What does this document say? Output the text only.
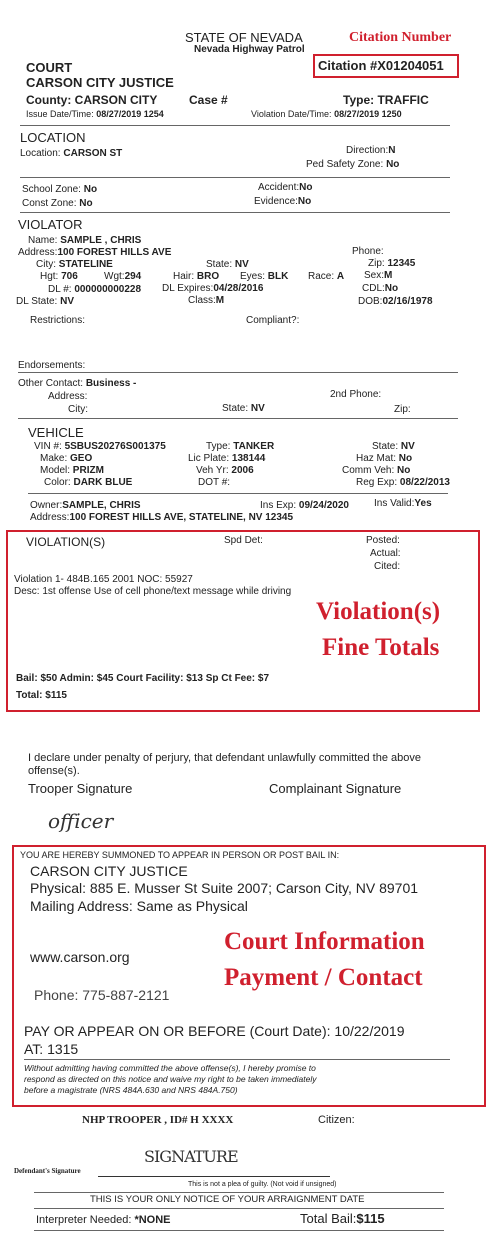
STATE OF NEVADA
Nevada Highway Patrol
Citation Number
Citation #X01204051
COURT
CARSON CITY JUSTICE
County: CARSON CITY	Case #	Type: TRAFFIC
Issue Date/Time: 08/27/2019 1254	Violation Date/Time: 08/27/2019 1250
LOCATION
Location: CARSON ST	Direction:N
Ped Safety Zone: No
School Zone: No
Const Zone: No
Accident:No
Evidence:No
VIOLATOR
Name: SAMPLE , CHRIS
Address:100 FOREST HILLS AVE	Phone:
City: STATELINE	State: NV	Zip: 12345
Hgt: 706	Wgt:294	Hair: BRO Eyes: BLK Race: A Sex:M
DL #: 000000000228 DL Expires:04/28/2016	CDL:No
DL State: NV	Class:M	DOB:02/16/1978
Restrictions:	Compliant?:
Endorsements:
Other Contact: Business -
Address:	2nd Phone:
City:	State: NV	Zip:
VEHICLE
VIN #: 5SBUS20276S001375	Type: TANKER	State: NV
Make: GEO	Lic Plate: 138144	Haz Mat: No
Model: PRIZM	Veh Yr: 2006	Comm Veh: No
Color: DARK BLUE	DOT #:	Reg Exp: 08/22/2013
Owner:SAMPLE, CHRIS	Ins Exp: 09/24/2020	Ins Valid:Yes
Address:100 FOREST HILLS AVE, STATELINE, NV 12345
VIOLATION(S)	Spd Det:	Posted:
Actual:
Cited:
Violation 1- 484B.165 2001 NOC: 55927
Desc: 1st offense Use of cell phone/text message while driving
Violation(s)
Fine Totals
Bail: $50 Admin: $45 Court Facility: $13 Sp Ct Fee: $7
Total: $115
I declare under penalty of perjury, that defendant unlawfully committed the above
offense(s).
Trooper Signature	Complainant Signature
officer
YOU ARE HEREBY SUMMONED TO APPEAR IN PERSON OR POST BAIL IN:
CARSON CITY JUSTICE
Physical: 885 E. Musser St Suite 2007; Carson City, NV 89701
Mailing Address: Same as Physical
Court Information
Payment / Contact
www.carson.org
Phone: 775-887-2121
PAY OR APPEAR ON OR BEFORE (Court Date): 10/22/2019
AT: 1315
Without admitting having committed the above offense(s), I hereby promise to
respond as directed on this notice and waive my right to be taken immediately
before a magistrate (NRS 484A.630 and NRS 484A.750)
NHP TROOPER , ID# H XXXX	Citizen:
SIGNATURE
Defendant's Signature
This is not a plea of guilty. (Not void if unsigned)
THIS IS YOUR ONLY NOTICE OF YOUR ARRAIGNMENT DATE
Interpreter Needed: *NONE	Total Bail:$115
